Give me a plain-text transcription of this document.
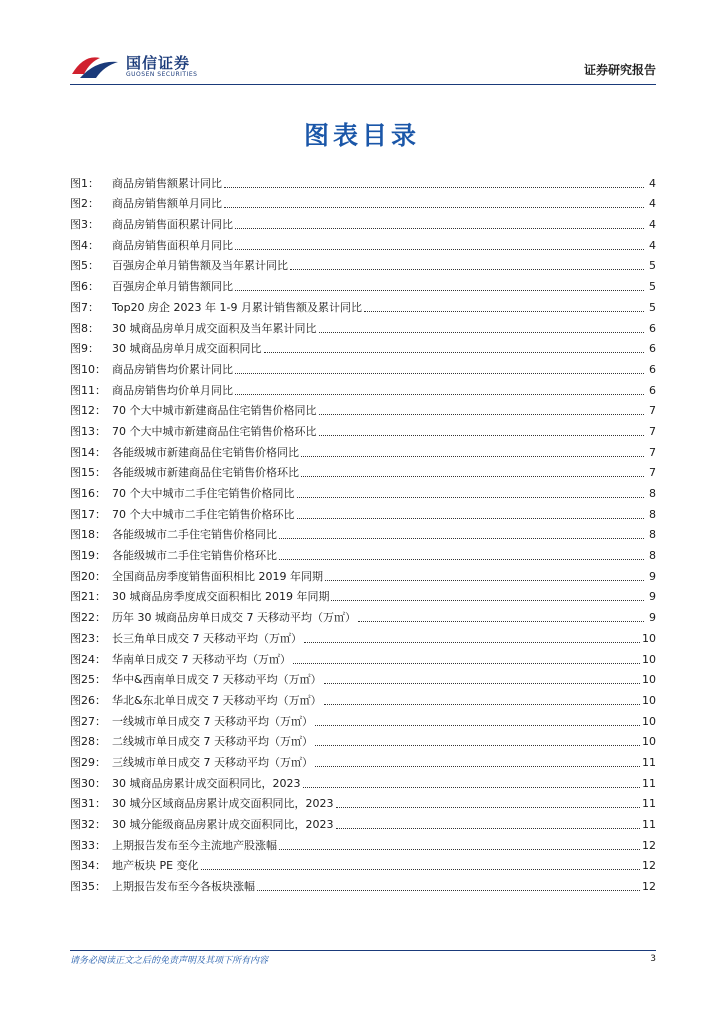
国信证券
GUOSEN SECURITIES	证券研究报告
图表目录
图1：	商品房销售额累计同比	4
图2：	商品房销售额单月同比	4
图3：	商品房销售面积累计同比	4
图4：	商品房销售面积单月同比	4
图5：	百强房企单月销售额及当年累计同比	5
图6：	百强房企单月销售额同比	5
图7：	Top20 房企 2023 年 1-9 月累计销售额及累计同比	5
图8：	30 城商品房单月成交面积及当年累计同比	6
图9：	30 城商品房单月成交面积同比	6
图10： 商品房销售均价累计同比	6
图11： 商品房销售均价单月同比	6
图12： 70 个大中城市新建商品住宅销售价格同比	7
图13： 70 个大中城市新建商品住宅销售价格环比	7
图14： 各能级城市新建商品住宅销售价格同比	7
图15： 各能级城市新建商品住宅销售价格环比	7
图16： 70 个大中城市二手住宅销售价格同比	8
图17： 70 个大中城市二手住宅销售价格环比	8
图18： 各能级城市二手住宅销售价格同比	8
图19： 各能级城市二手住宅销售价格环比	8
图20： 全国商品房季度销售面积相比 2019 年同期	9
图21： 30 城商品房季度成交面积相比 2019 年同期	9
图22： 历年 30 城商品房单日成交 7 天移动平均（万㎡）	9
图23： 长三角单日成交 7 天移动平均（万㎡）	10
图24： 华南单日成交 7 天移动平均（万㎡）	10
图25： 华中&西南单日成交 7 天移动平均（万㎡）	10
图26： 华北&东北单日成交 7 天移动平均（万㎡）	10
图27： 一线城市单日成交 7 天移动平均（万㎡）	10
图28： 二线城市单日成交 7 天移动平均（万㎡）	10
图29： 三线城市单日成交 7 天移动平均（万㎡）	11
图30： 30 城商品房累计成交面积同比，2023	11
图31： 30 城分区域商品房累计成交面积同比，2023	11
图32： 30 城分能级商品房累计成交面积同比，2023	11
图33： 上期报告发布至今主流地产股涨幅	12
图34： 地产板块 PE 变化	12
图35： 上期报告发布至今各板块涨幅	12
请务必阅读正文之后的免责声明及其项下所有内容	3
